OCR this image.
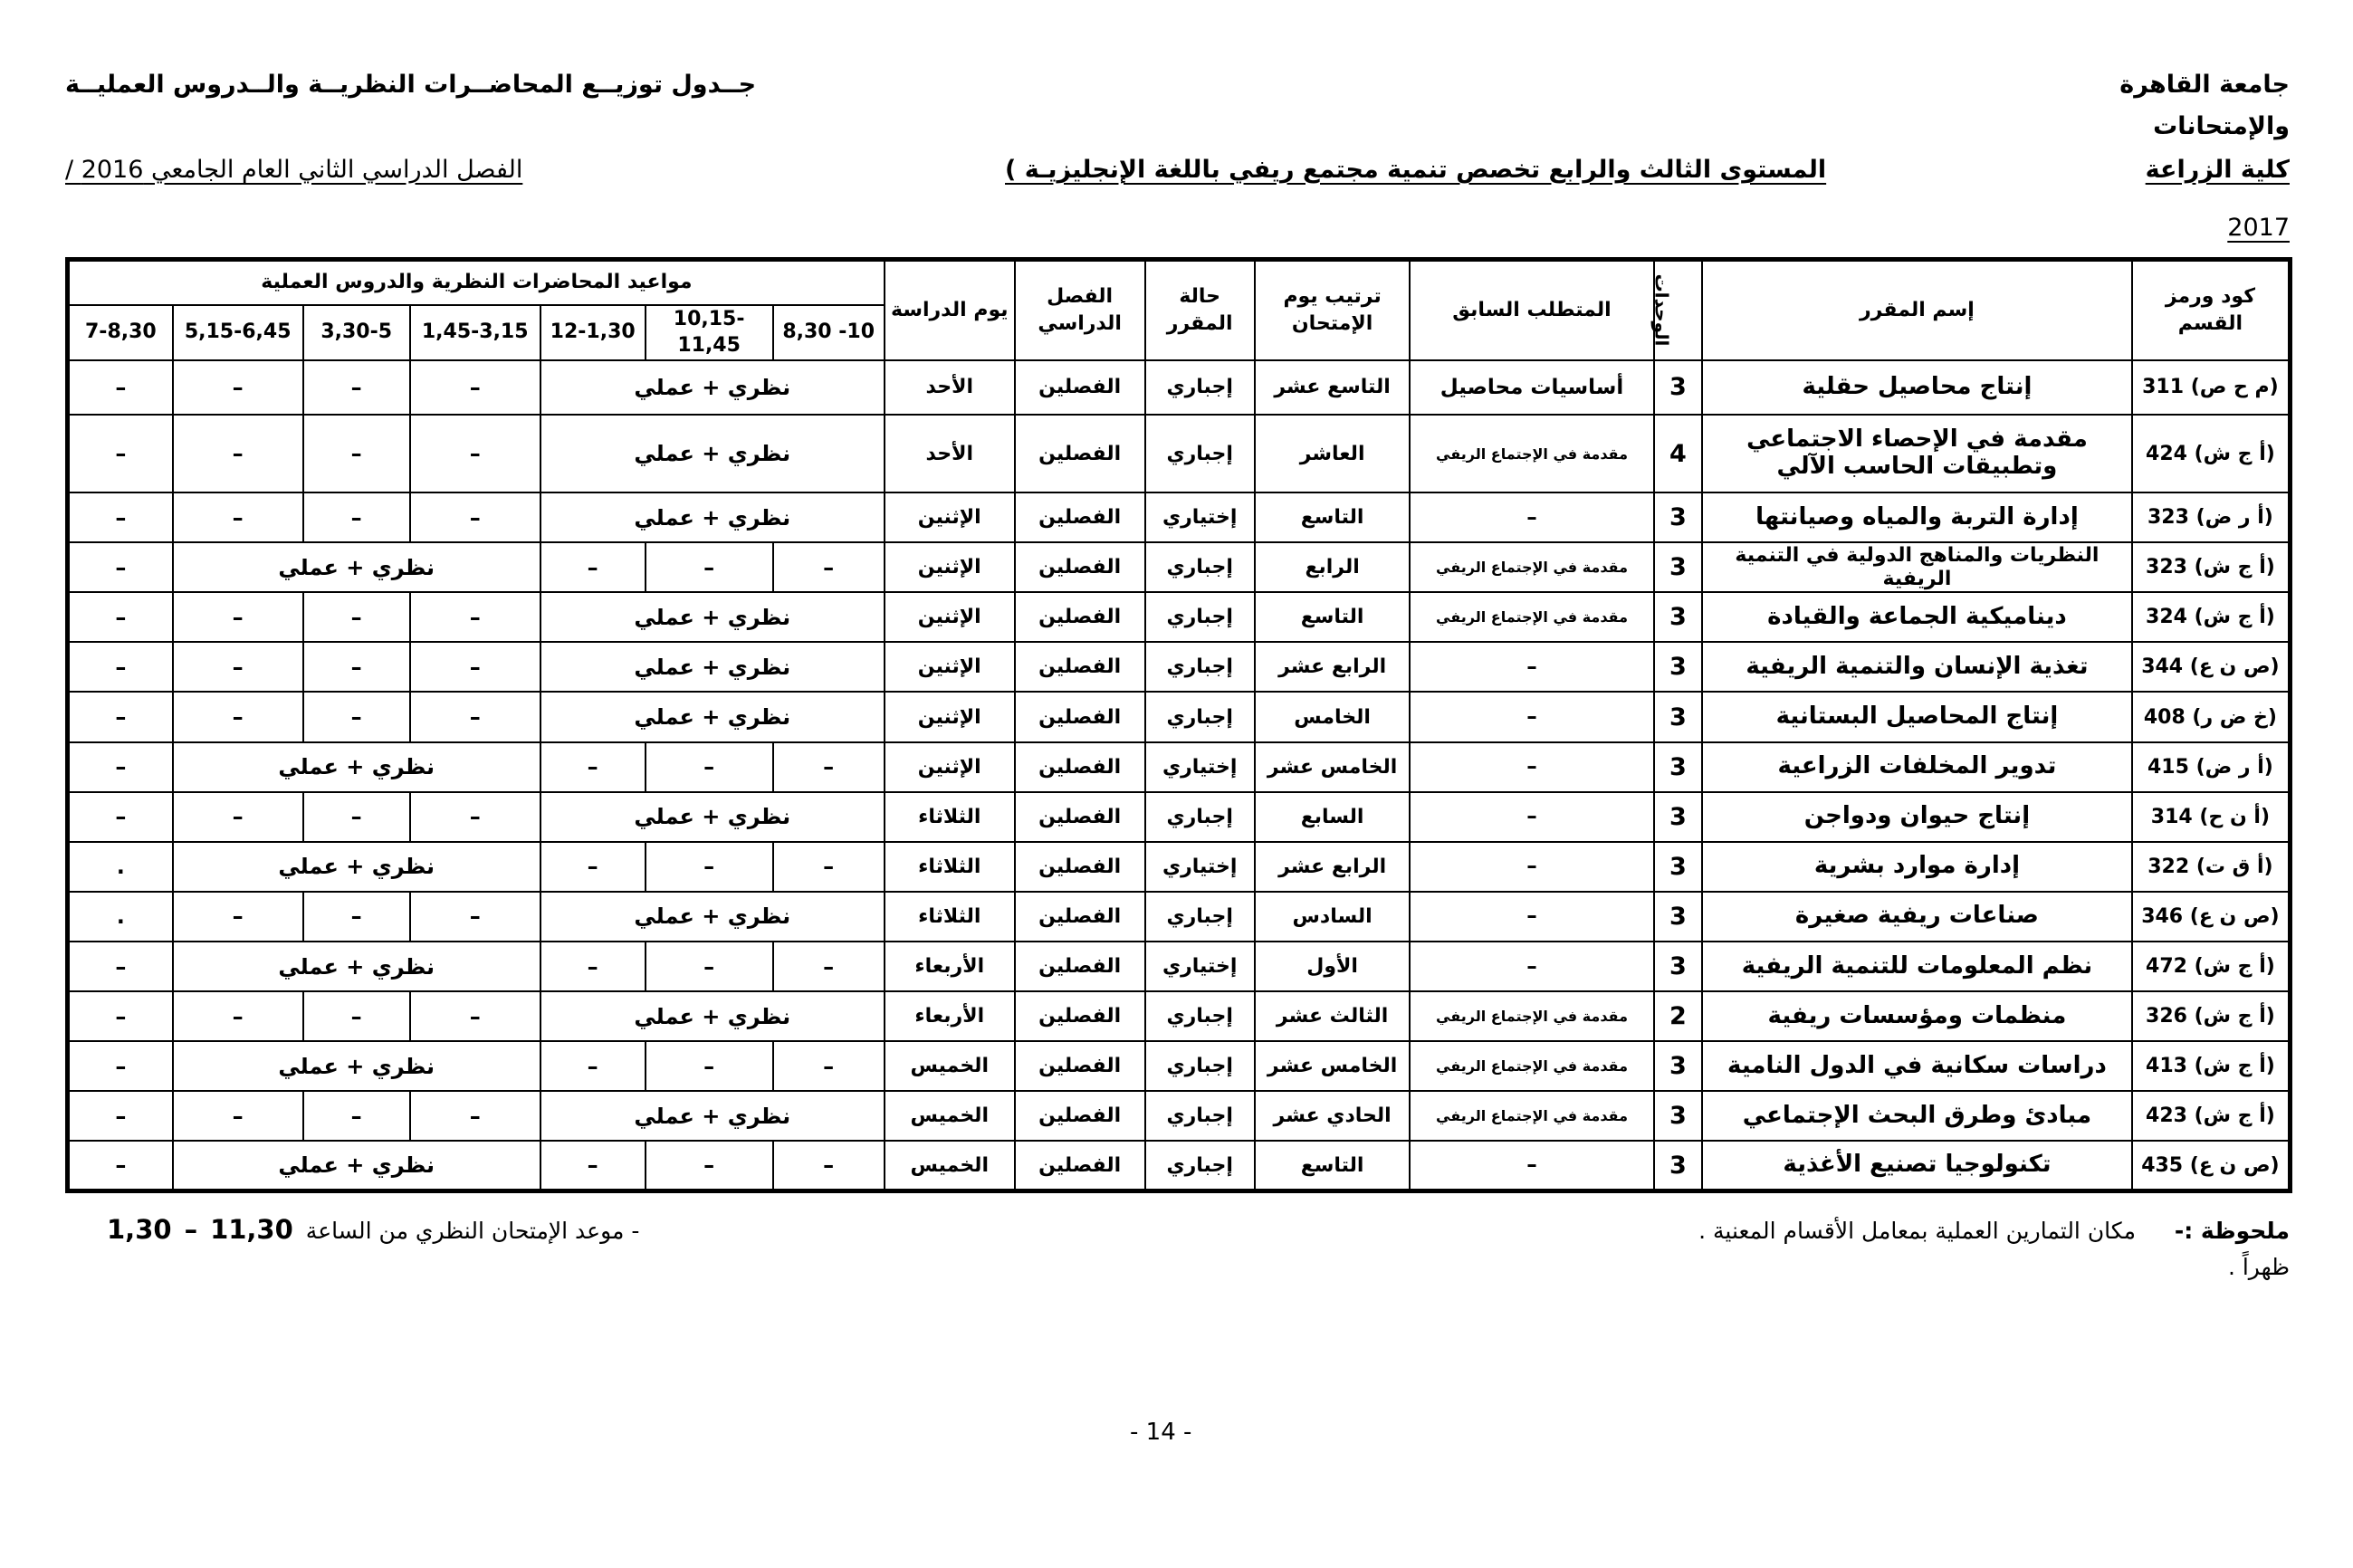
جامعة القاهرة
والإمتحانات
كلية الزراعة
جــدول توزيــع المحاضــرات النظريــة والــدروس العمليــة
المستوى الثالث والرابع تخصص تنمية مجتمع ريفي باللغة الإنجليزيـة )
الفصل الدراسي الثاني العام الجامعي 2016 /
2017
كود ورمز القسم	إسم المقرر	الوحدات	المتطلب السابق	ترتيب يوم الإمتحان	حالة المقرر	الفصل الدراسي	يوم الدراسة	مواعيد المحاضرات النظرية والدروس العملية						
								8,30 -10	10,15- 11,45	12-1,30	1,45-3,15	3,30-5	5,15-6,45	7-8,30
(م ح ص) 311	إنتاج محاصيل حقلية	3	أساسيات محاصيل	التاسع عشر	إجباري	الفصلين	الأحد	نظري + عملي			–	–	–	–
(أ ج ش) 424	مقدمة في الإحصاء الاجتماعي وتطبيقات الحاسب الآلي	4	مقدمة في الإجتماع الريفي	العاشر	إجباري	الفصلين	الأحد	نظري + عملي			–	–	–	–
(أ ر ض) 323	إدارة التربة والمياه وصيانتها	3	–	التاسع	إختياري	الفصلين	الإثنين	نظري + عملي			–	–	–	–
(أ ج ش) 323	النظريات والمناهج الدولية في التنمية الريفية	3	مقدمة في الإجتماع الريفي	الرابع	إجباري	الفصلين	الإثنين	–	–	–	نظري + عملي			–
(أ ج ش) 324	ديناميكية الجماعة والقيادة	3	مقدمة في الإجتماع الريفي	التاسع	إجباري	الفصلين	الإثنين	نظري + عملي			–	–	–	–
(ص ن ع) 344	تغذية الإنسان والتنمية الريفية	3	–	الرابع عشر	إجباري	الفصلين	الإثنين	نظري + عملي			–	–	–	–
(خ ض ر) 408	إنتاج المحاصيل البستانية	3	–	الخامس	إجباري	الفصلين	الإثنين	نظري + عملي			–	–	–	–
(أ ر ض) 415	تدوير المخلفات الزراعية	3	–	الخامس عشر	إختياري	الفصلين	الإثنين	–	–	–	نظري + عملي			–
(أ ن ح) 314	إنتاج حيوان ودواجن	3	–	السابع	إجباري	الفصلين	الثلاثاء	نظري + عملي			–	–	–	–
(أ ق ت) 322	إدارة موارد بشرية	3	–	الرابع عشر	إختياري	الفصلين	الثلاثاء	–	–	–	نظري + عملي			.
(ص ن ع) 346	صناعات ريفية صغيرة	3	–	السادس	إجباري	الفصلين	الثلاثاء	نظري + عملي			–	–	–	.
(أ ج ش) 472	نظم المعلومات للتنمية الريفية	3	–	الأول	إختياري	الفصلين	الأربعاء	–	–	–	نظري + عملي			–
(أ ج ش) 326	منظمات ومؤسسات ريفية	2	مقدمة في الإجتماع الريفي	الثالث عشر	إجباري	الفصلين	الأربعاء	نظري + عملي			–	–	–	–
(أ ج ش) 413	دراسات سكانية في الدول النامية	3	مقدمة في الإجتماع الريفي	الخامس عشر	إجباري	الفصلين	الخميس	–	–	–	نظري + عملي			–
(أ ج ش) 423	مبادئ وطرق البحث الإجتماعي	3	مقدمة في الإجتماع الريفي	الحادي عشر	إجباري	الفصلين	الخميس	نظري + عملي			–	–	–	–
(ص ن ع) 435	تكنولوجيا تصنيع الأغذية	3	–	التاسع	إجباري	الفصلين	الخميس	–	–	–	نظري + عملي			–
ملحوظة :-
مكان التمارين العملية بمعامل الأقسام المعنية .
ظهراً .
- موعد الإمتحان النظري من الساعة
11,30
–
1,30
- 14 -
